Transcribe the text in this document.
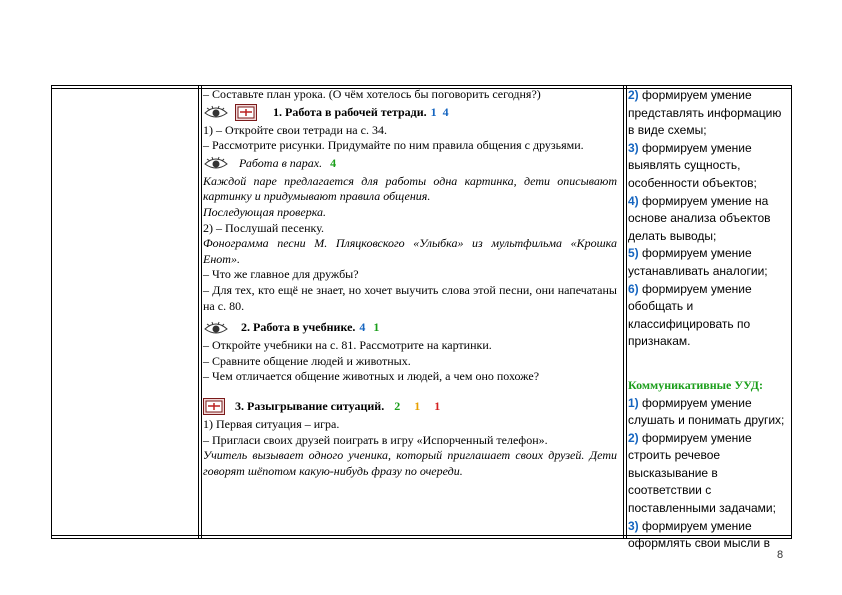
– Составьте план урока. (О чём хотелось бы поговорить сегодня?)

1. Работа в рабочей тетради. 1 4

1) – Откройте свои тетради на с. 34.

– Рассмотрите рисунки. Придумайте по ним правила общения с друзьями.

Работа в парах. 4

Каждой паре предлагается для работы одна картинка, дети описывают картинку и придумывают правила общения.

Последующая проверка.

2) – Послушай песенку.

Фонограмма песни М. Пляцковского «Улыбка» из мультфильма «Крошка Енот».

– Что же главное для дружбы?

– Для тех, кто ещё не знает, но хочет выучить слова этой песни, они напечатаны на с. 80.

2. Работа в учебнике. 4 1

– Откройте учебники на с. 81. Рассмотрите на картинки.

– Сравните общение людей и животных.

– Чем отличается общение животных и людей, а чем оно похоже?

3. Разыгрывание ситуаций. 2 1 1

1) Первая ситуация – игра.

– Пригласи своих друзей поиграть в игру «Испорченный телефон».

Учитель вызывает одного ученика, который приглашает своих друзей. Дети говорят шёпотом какую-нибудь фразу по очереди.

2) формируем умение представлять информацию в виде схемы;

3) формируем умение выявлять сущность, особенности объектов;

4) формируем умение на основе анализа объектов делать выводы;

5) формируем умение устанавливать аналогии;

6) формируем умение обобщать и классифицировать по признакам.

Коммуникативные УУД:

1) формируем умение слушать и понимать других;

2) формируем умение строить речевое высказывание в соответствии с поставленными задачами;

3) формируем умение оформлять свои мысли в

8
